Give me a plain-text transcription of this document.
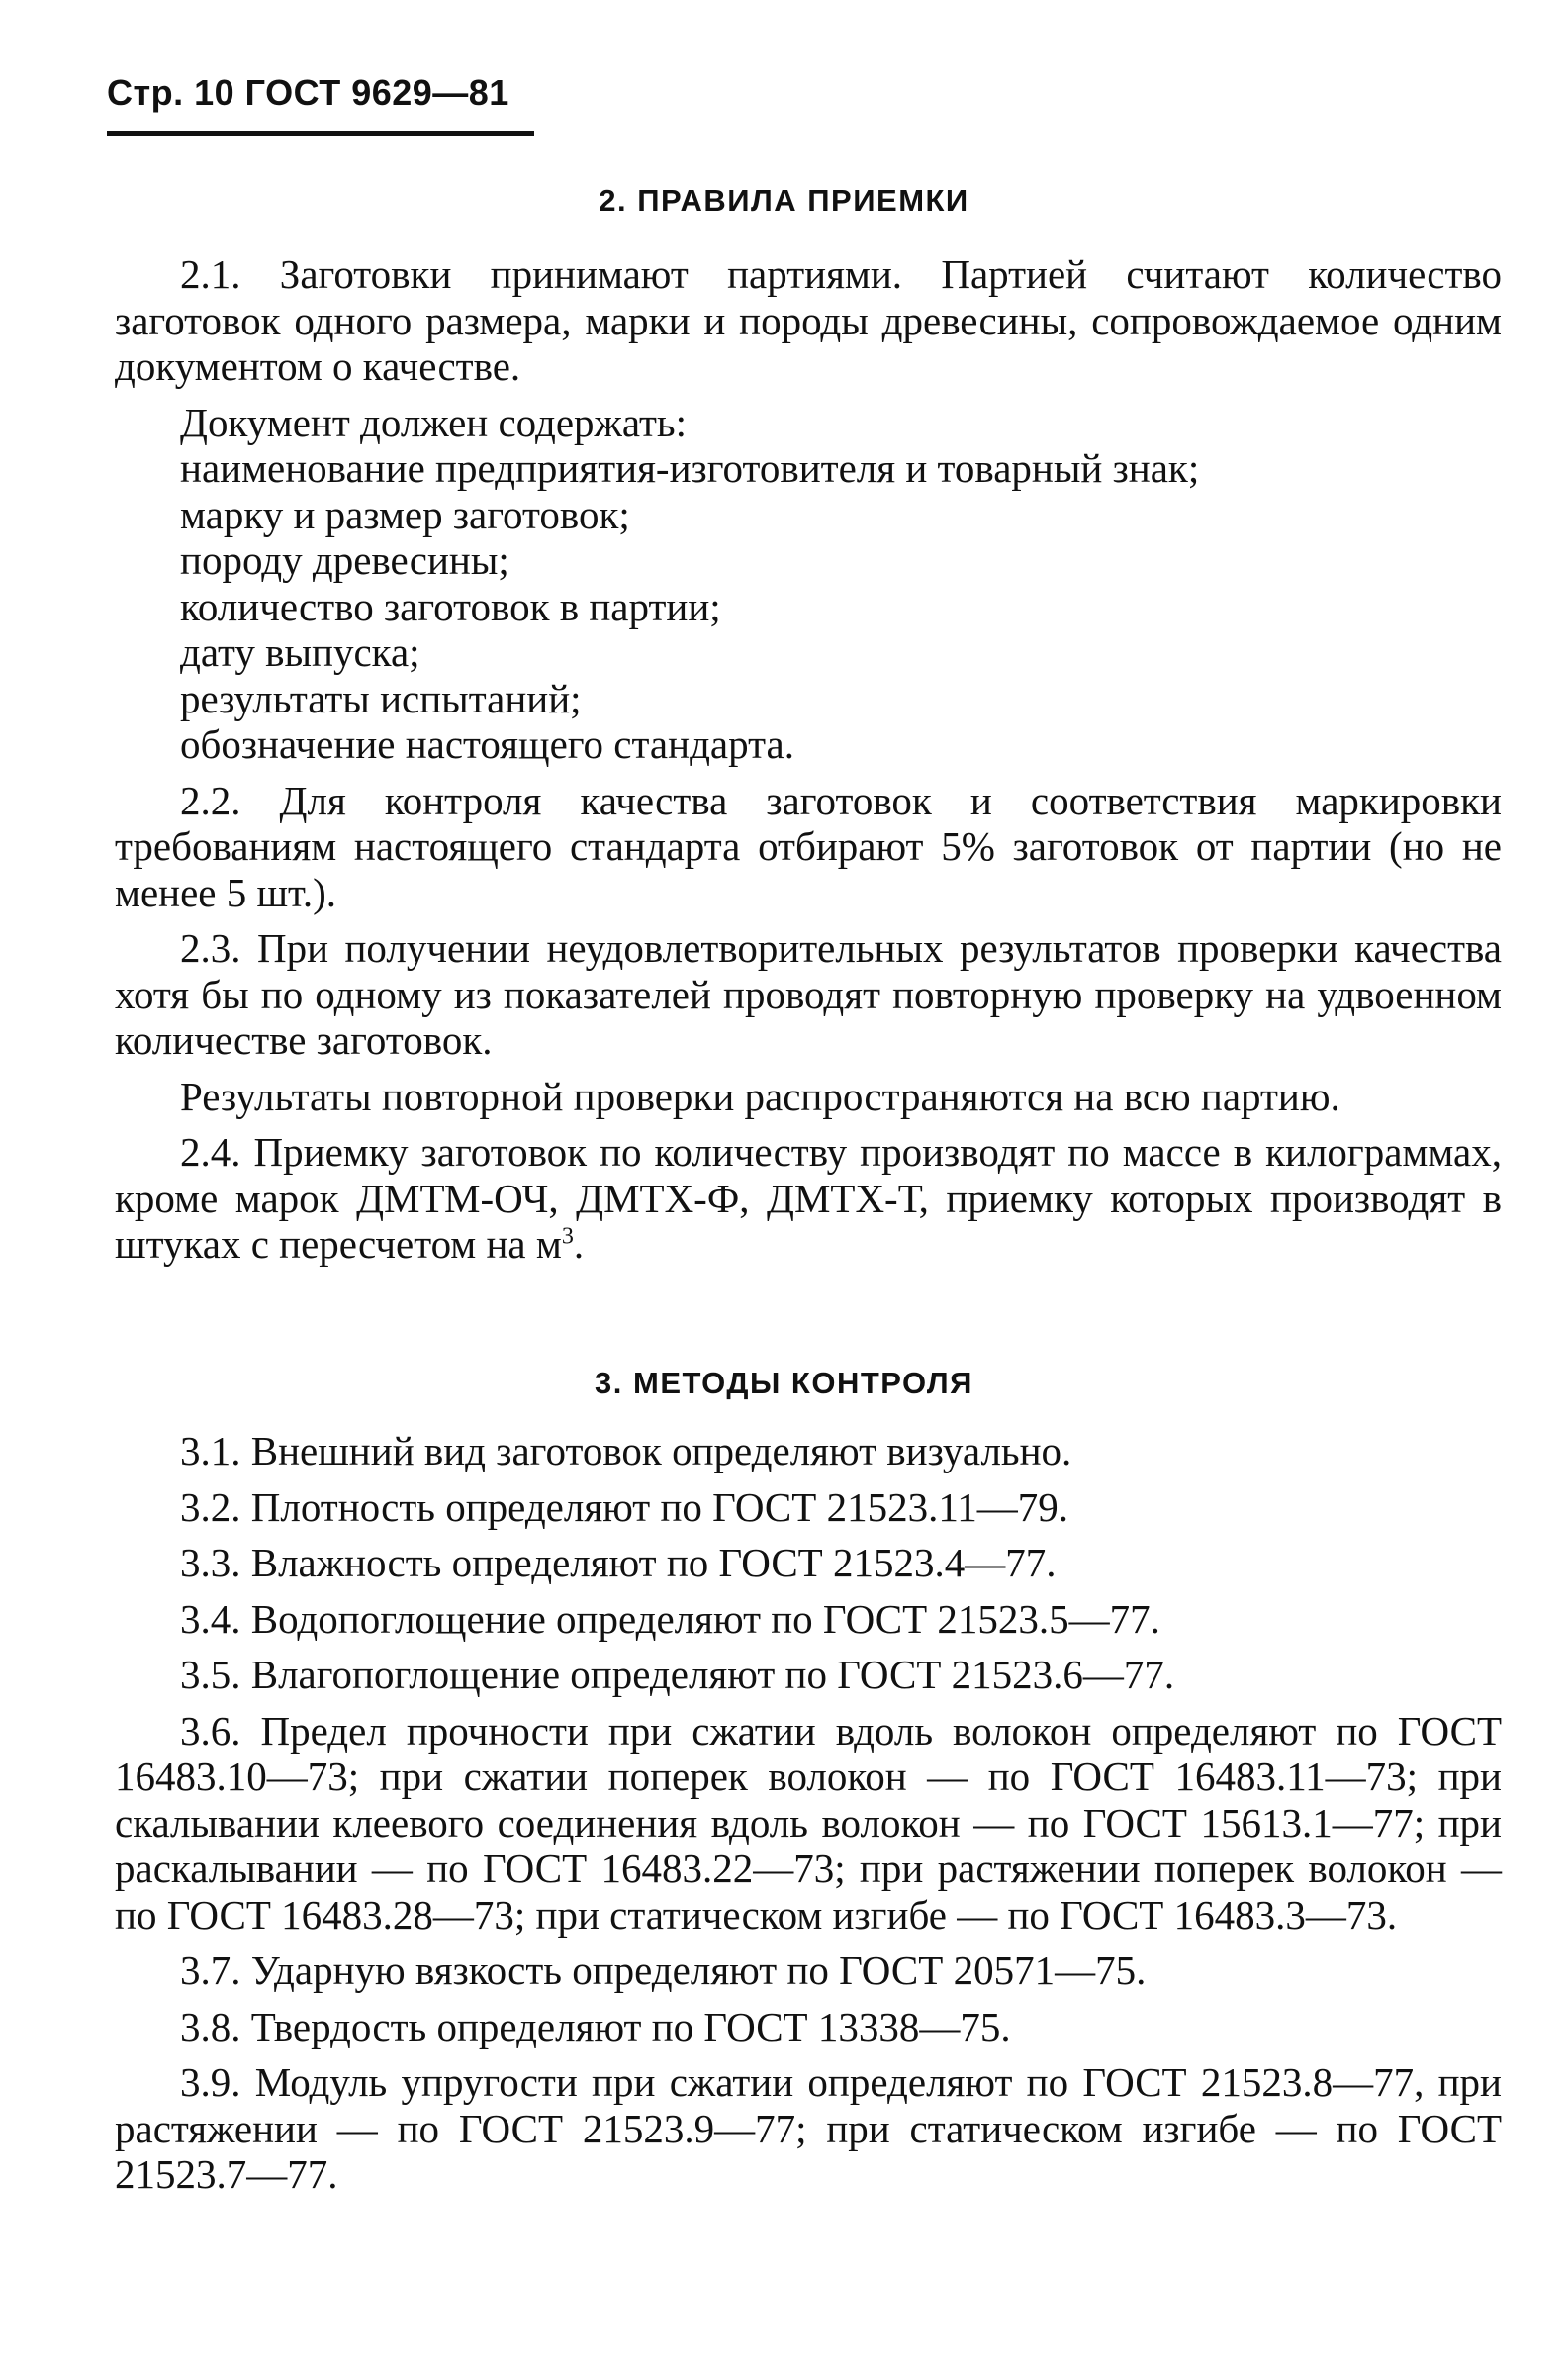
Стр. 10 ГОСТ 9629—81
2. ПРАВИЛА ПРИЕМКИ

2.1. Заготовки принимают партиями. Партией считают количество заготовок одного размера, марки и породы древесины, сопровождаемое одним документом о качестве.

Документ должен содержать:
наименование предприятия-изготовителя и товарный знак;
марку и размер заготовок;
породу древесины;
количество заготовок в партии;
дату выпуска;
результаты испытаний;
обозначение настоящего стандарта.

2.2. Для контроля качества заготовок и соответствия маркировки требованиям настоящего стандарта отбирают 5% заготовок от партии (но не менее 5 шт.).

2.3. При получении неудовлетворительных результатов проверки качества хотя бы по одному из показателей проводят повторную проверку на удвоенном количестве заготовок.

Результаты повторной проверки распространяются на всю партию.

2.4. Приемку заготовок по количеству производят по массе в килограммах, кроме марок ДМТМ-ОЧ, ДМТХ-Ф, ДМТХ-Т, приемку которых производят в штуках с пересчетом на $м^3$.

3. МЕТОДЫ КОНТРОЛЯ

3.1. Внешний вид заготовок определяют визуально.

3.2. Плотность определяют по ГОСТ 21523.11—79.

3.3. Влажность определяют по ГОСТ 21523.4—77.

3.4. Водопоглощение определяют по ГОСТ 21523.5—77.

3.5. Влагопоглощение определяют по ГОСТ 21523.6—77.

3.6. Предел прочности при сжатии вдоль волокон определяют по ГОСТ 16483.10—73; при сжатии поперек волокон — по ГОСТ 16483.11—73; при скалывании клеевого соединения вдоль волокон — по ГОСТ 15613.1—77; при раскалывании — по ГОСТ 16483.22—73; при растяжении поперек волокон — по ГОСТ 16483.28—73; при статическом изгибе — по ГОСТ 16483.3—73.

3.7. Ударную вязкость определяют по ГОСТ 20571—75.

3.8. Твердость определяют по ГОСТ 13338—75.

3.9. Модуль упругости при сжатии определяют по ГОСТ 21523.8—77, при растяжении — по ГОСТ 21523.9—77; при статическом изгибе — по ГОСТ 21523.7—77.
